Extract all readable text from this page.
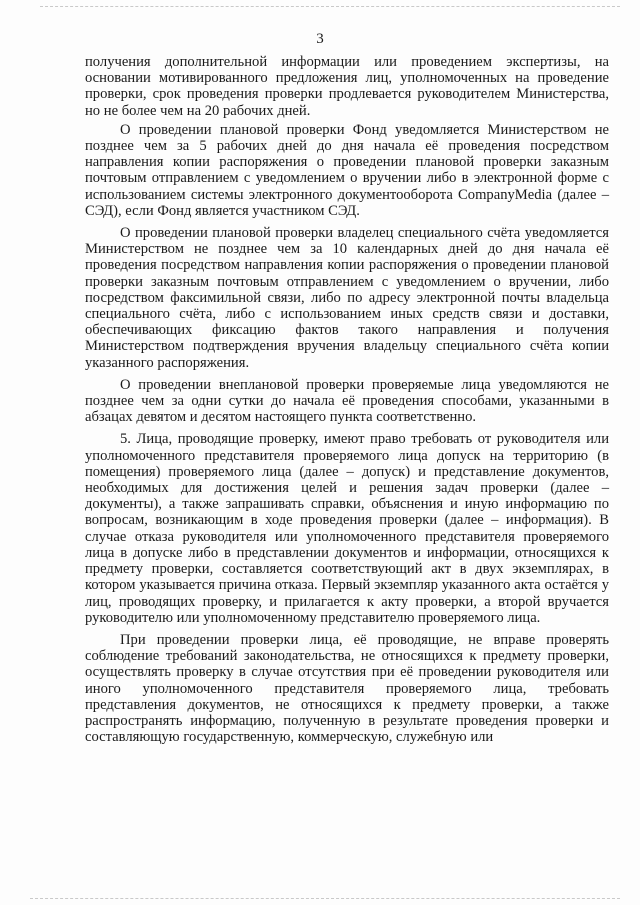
3

получения дополнительной информации или проведением экспертизы, на основании мотивированного предложения лиц, уполномоченных на проведение проверки, срок проведения проверки продлевается руководителем Министерства, но не более чем на 20 рабочих дней.

О проведении плановой проверки Фонд уведомляется Министерством не позднее чем за 5 рабочих дней до дня начала её проведения посредством направления копии распоряжения о проведении плановой проверки заказным почтовым отправлением с уведомлением о вручении либо в электронной форме с использованием системы электронного документооборота CompanyMedia (далее – СЭД), если Фонд является участником СЭД.

О проведении плановой проверки владелец специального счёта уведомляется Министерством не позднее чем за 10 календарных дней до дня начала её проведения посредством направления копии распоряжения о проведении плановой проверки заказным почтовым отправлением с уведомлением о вручении, либо посредством факсимильной связи, либо по адресу электронной почты владельца специального счёта, либо с использованием иных средств связи и доставки, обеспечивающих фиксацию фактов такого направления и получения Министерством подтверждения вручения владельцу специального счёта копии указанного распоряжения.

О проведении внеплановой проверки проверяемые лица уведомляются не позднее чем за одни сутки до начала её проведения способами, указанными в абзацах девятом и десятом настоящего пункта соответственно.

5. Лица, проводящие проверку, имеют право требовать от руководителя или уполномоченного представителя проверяемого лица допуск на территорию (в помещения) проверяемого лица (далее – допуск) и представление документов, необходимых для достижения целей и решения задач проверки (далее – документы), а также запрашивать справки, объяснения и иную информацию по вопросам, возникающим в ходе проведения проверки (далее – информация). В случае отказа руководителя или уполномоченного представителя проверяемого лица в допуске либо в представлении документов и информации, относящихся к предмету проверки, составляется соответствующий акт в двух экземплярах, в котором указывается причина отказа. Первый экземпляр указанного акта остаётся у лиц, проводящих проверку, и прилагается к акту проверки, а второй вручается руководителю или уполномоченному представителю проверяемого лица.

При проведении проверки лица, её проводящие, не вправе проверять соблюдение требований законодательства, не относящихся к предмету проверки, осуществлять проверку в случае отсутствия при её проведении руководителя или иного уполномоченного представителя проверяемого лица, требовать представления документов, не относящихся к предмету проверки, а также распространять информацию, полученную в результате проведения проверки и составляющую государственную, коммерческую, служебную или
